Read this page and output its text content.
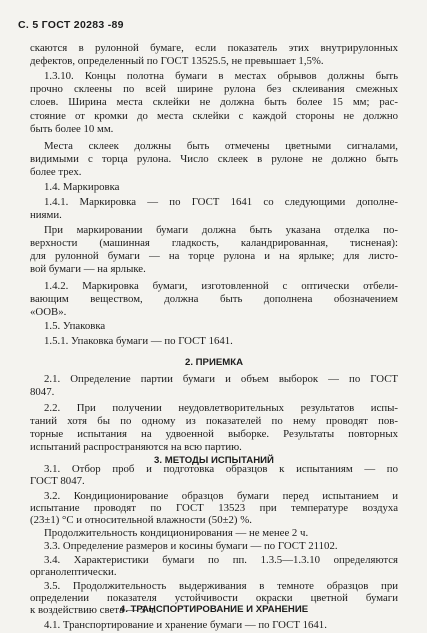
С. 5 ГОСТ 20283 -89
скаются в рулонной бумаге, если показатель этих внутрирулонных
дефектов, определенный по ГОСТ 13525.5, не превышает 1,5%.
1.3.10. Концы полотна бумаги в местах обрывов должны быть
прочно склеены по всей ширине рулона без склеивания смежных
слоев. Ширина места склейки не должна быть более 15 мм; рас-
стояние от кромки до места склейки с каждой стороны не должно
быть более 10 мм.
Места склеек должны быть отмечены цветными сигналами,
видимыми с торца рулона. Число склеек в рулоне не должно быть
более трех.
1.4. Маркировка
1.4.1. Маркировка — по ГОСТ 1641 со следующими дополне-
ниями.
При маркировании бумаги должна быть указана отделка по-
верхности (машинная гладкость, каландрированная, тисненая):
для рулонной бумаги — на торце рулона и на ярлыке; для листо-
вой бумаги — на ярлыке.
1.4.2. Маркировка бумаги, изготовленной с оптически отбели-
вающим веществом, должна быть дополнена обозначением
«ООВ».
1.5. Упаковка
1.5.1. Упаковка бумаги — по ГОСТ 1641.
2. ПРИЕМКА
2.1. Определение партии бумаги и объем выборок — по ГОСТ
8047.
2.2. При получении неудовлетворительных результатов испы-
таний хотя бы по одному из показателей по нему проводят пов-
торные испытания на удвоенной выборке. Результаты повторных
испытаний распространяются на всю партию.
3. МЕТОДЫ ИСПЫТАНИЙ
3.1. Отбор проб и подготовка образцов к испытаниям — по
ГОСТ 8047.
3.2. Кондиционирование образцов бумаги перед испытанием и
испытание проводят по ГОСТ 13523 при температуре воздуха
(23±1) °С и относительной влажности (50±2) %.
Продолжительность кондиционирования — не менее 2 ч.
3.3. Определение размеров и косины бумаги — по ГОСТ 21102.
3.4. Характеристики бумаги по пп. 1.3.5—1.3.10 определяются
органолептически.
3.5. Продолжительность выдерживания в темноте образцов при
определении показателя устойчивости окраски цветной бумаги
к воздействию света — 3 ч.
4. ТРАНСПОРТИРОВАНИЕ И ХРАНЕНИЕ
4.1. Транспортирование и хранение бумаги — по ГОСТ 1641.
